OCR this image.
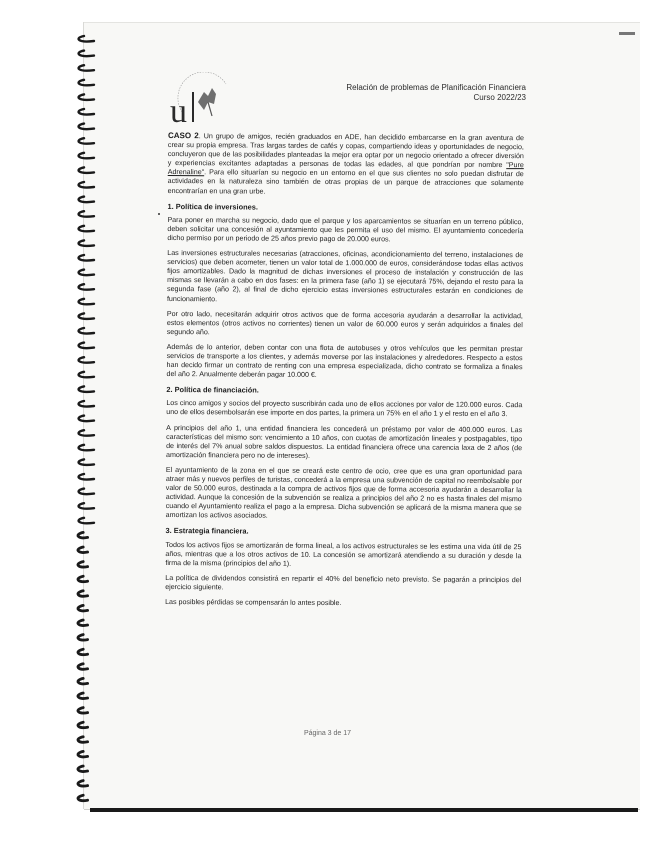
u
Relación de problemas de Planificación Financiera
Curso 2022/23

CASO 2. Un grupo de amigos, recién graduados en ADE, han decidido embarcarse en la gran aventura de crear su propia empresa. Tras largas tardes de cafés y copas, compartiendo ideas y oportunidades de negocio, concluyeron que de las posibilidades planteadas la mejor era optar por un negocio orientado a ofrecer diversión y experiencias excitantes adaptadas a personas de todas las edades, al que pondrían por nombre "Pure Adrenaline". Para ello situarían su negocio en un entorno en el que sus clientes no solo puedan disfrutar de actividades en la naturaleza sino también de otras propias de un parque de atracciones que solamente encontrarían en una gran urbe.

1. Política de inversiones.

Para poner en marcha su negocio, dado que el parque y los aparcamientos se situarían en un terreno público, deben solicitar una concesión al ayuntamiento que les permita el uso del mismo. El ayuntamiento concedería dicho permiso por un periodo de 25 años previo pago de 20.000 euros.

Las inversiones estructurales necesarias (atracciones, oficinas, acondicionamiento del terreno, instalaciones de servicios) que deben acometer, tienen un valor total de 1.000.000 de euros, considerándose todas ellas activos fijos amortizables. Dado la magnitud de dichas inversiones el proceso de instalación y construcción de las mismas se llevarán a cabo en dos fases: en la primera fase (año 1) se ejecutará 75%, dejando el resto para la segunda fase (año 2), al final de dicho ejercicio estas inversiones estructurales estarán en condiciones de funcionamiento.

Por otro lado, necesitarán adquirir otros activos que de forma accesoria ayudarán a desarrollar la actividad, estos elementos (otros activos no corrientes) tienen un valor de 60.000 euros y serán adquiridos a finales del segundo año.

Además de lo anterior, deben contar con una flota de autobuses y otros vehículos que les permitan prestar servicios de transporte a los clientes, y además moverse por las instalaciones y alrededores. Respecto a estos han decido firmar un contrato de renting con una empresa especializada, dicho contrato se formaliza a finales del año 2. Anualmente deberán pagar 10.000 €.

2. Política de financiación.

Los cinco amigos y socios del proyecto suscribirán cada uno de ellos acciones por valor de 120.000 euros. Cada uno de ellos desembolsarán ese importe en dos partes, la primera un 75% en el año 1 y el resto en el año 3.

A principios del año 1, una entidad financiera les concederá un préstamo por valor de 400.000 euros. Las características del mismo son: vencimiento a 10 años, con cuotas de amortización lineales y postpagables, tipo de interés del 7% anual sobre saldos dispuestos. La entidad financiera ofrece una carencia laxa de 2 años (de amortización financiera pero no de intereses).

El ayuntamiento de la zona en el que se creará este centro de ocio, cree que es una gran oportunidad para atraer más y nuevos perfiles de turistas, concederá a la empresa una subvención de capital no reembolsable por valor de 50.000 euros, destinada a la compra de activos fijos que de forma accesoria ayudarán a desarrollar la actividad. Aunque la concesión de la subvención se realiza a principios del año 2 no es hasta finales del mismo cuando el Ayuntamiento realiza el pago a la empresa. Dicha subvención se aplicará de la misma manera que se amortizan los activos asociados.

3. Estrategia financiera.

Todos los activos fijos se amortizarán de forma lineal, a los activos estructurales se les estima una vida útil de 25 años, mientras que a los otros activos de 10. La concesión se amortizará atendiendo a su duración y desde la firma de la misma (principios del año 1).

La política de dividendos consistirá en repartir el 40% del beneficio neto previsto. Se pagarán a principios del ejercicio siguiente.

Las posibles pérdidas se compensarán lo antes posible.

Página 3 de 17
